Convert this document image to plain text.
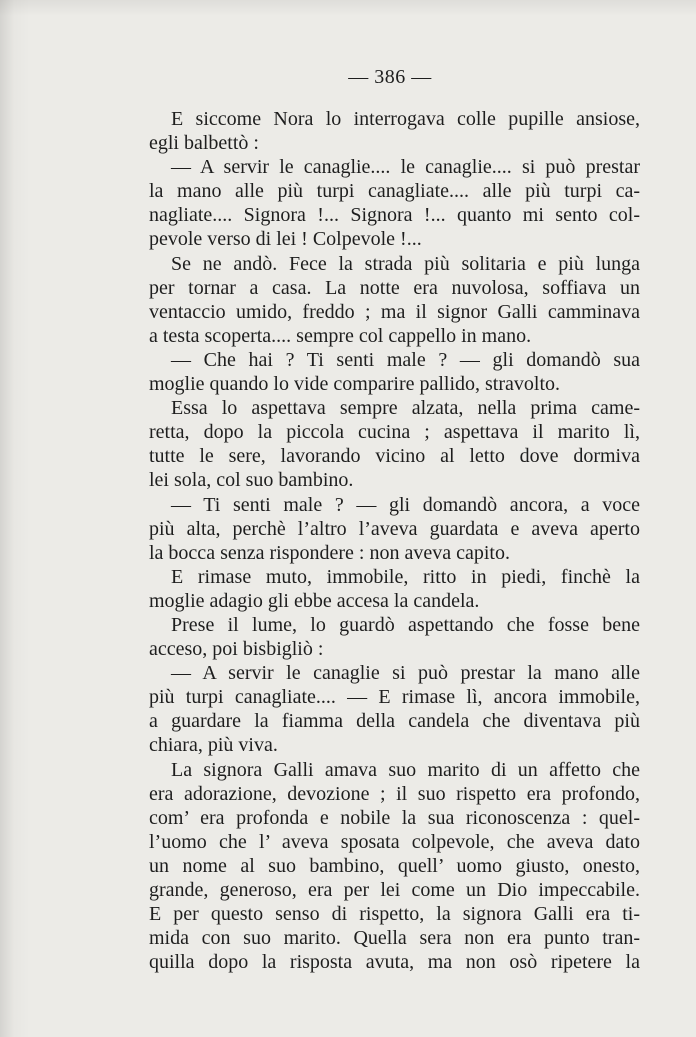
— 386 —
E siccome Nora lo interrogava colle pupille ansiose,
egli balbettò :
— A servir le canaglie.... le canaglie.... si può prestar
la mano alle più turpi canagliate.... alle più turpi ca-
nagliate.... Signora !... Signora !... quanto mi sento col-
pevole verso di lei ! Colpevole !...
Se ne andò. Fece la strada più solitaria e più lunga
per tornar a casa. La notte era nuvolosa, soffiava un
ventaccio umido, freddo ; ma il signor Galli camminava
a testa scoperta.... sempre col cappello in mano.
— Che hai ? Ti senti male ? — gli domandò sua
moglie quando lo vide comparire pallido, stravolto.
Essa lo aspettava sempre alzata, nella prima came-
retta, dopo la piccola cucina ; aspettava il marito lì,
tutte le sere, lavorando vicino al letto dove dormiva
lei sola, col suo bambino.
— Ti senti male ? — gli domandò ancora, a voce
più alta, perchè l’altro l’aveva guardata e aveva aperto
la bocca senza rispondere : non aveva capito.
E rimase muto, immobile, ritto in piedi, finchè la
moglie adagio gli ebbe accesa la candela.
Prese il lume, lo guardò aspettando che fosse bene
acceso, poi bisbigliò :
— A servir le canaglie si può prestar la mano alle
più turpi canagliate.... — E rimase lì, ancora immobile,
a guardare la fiamma della candela che diventava più
chiara, più viva.
La signora Galli amava suo marito di un affetto che
era adorazione, devozione ; il suo rispetto era profondo,
com’ era profonda e nobile la sua riconoscenza : quel-
l’uomo che l’ aveva sposata colpevole, che aveva dato
un nome al suo bambino, quell’ uomo giusto, onesto,
grande, generoso, era per lei come un Dio impeccabile.
E per questo senso di rispetto, la signora Galli era ti-
mida con suo marito. Quella sera non era punto tran-
quilla dopo la risposta avuta, ma non osò ripetere la
